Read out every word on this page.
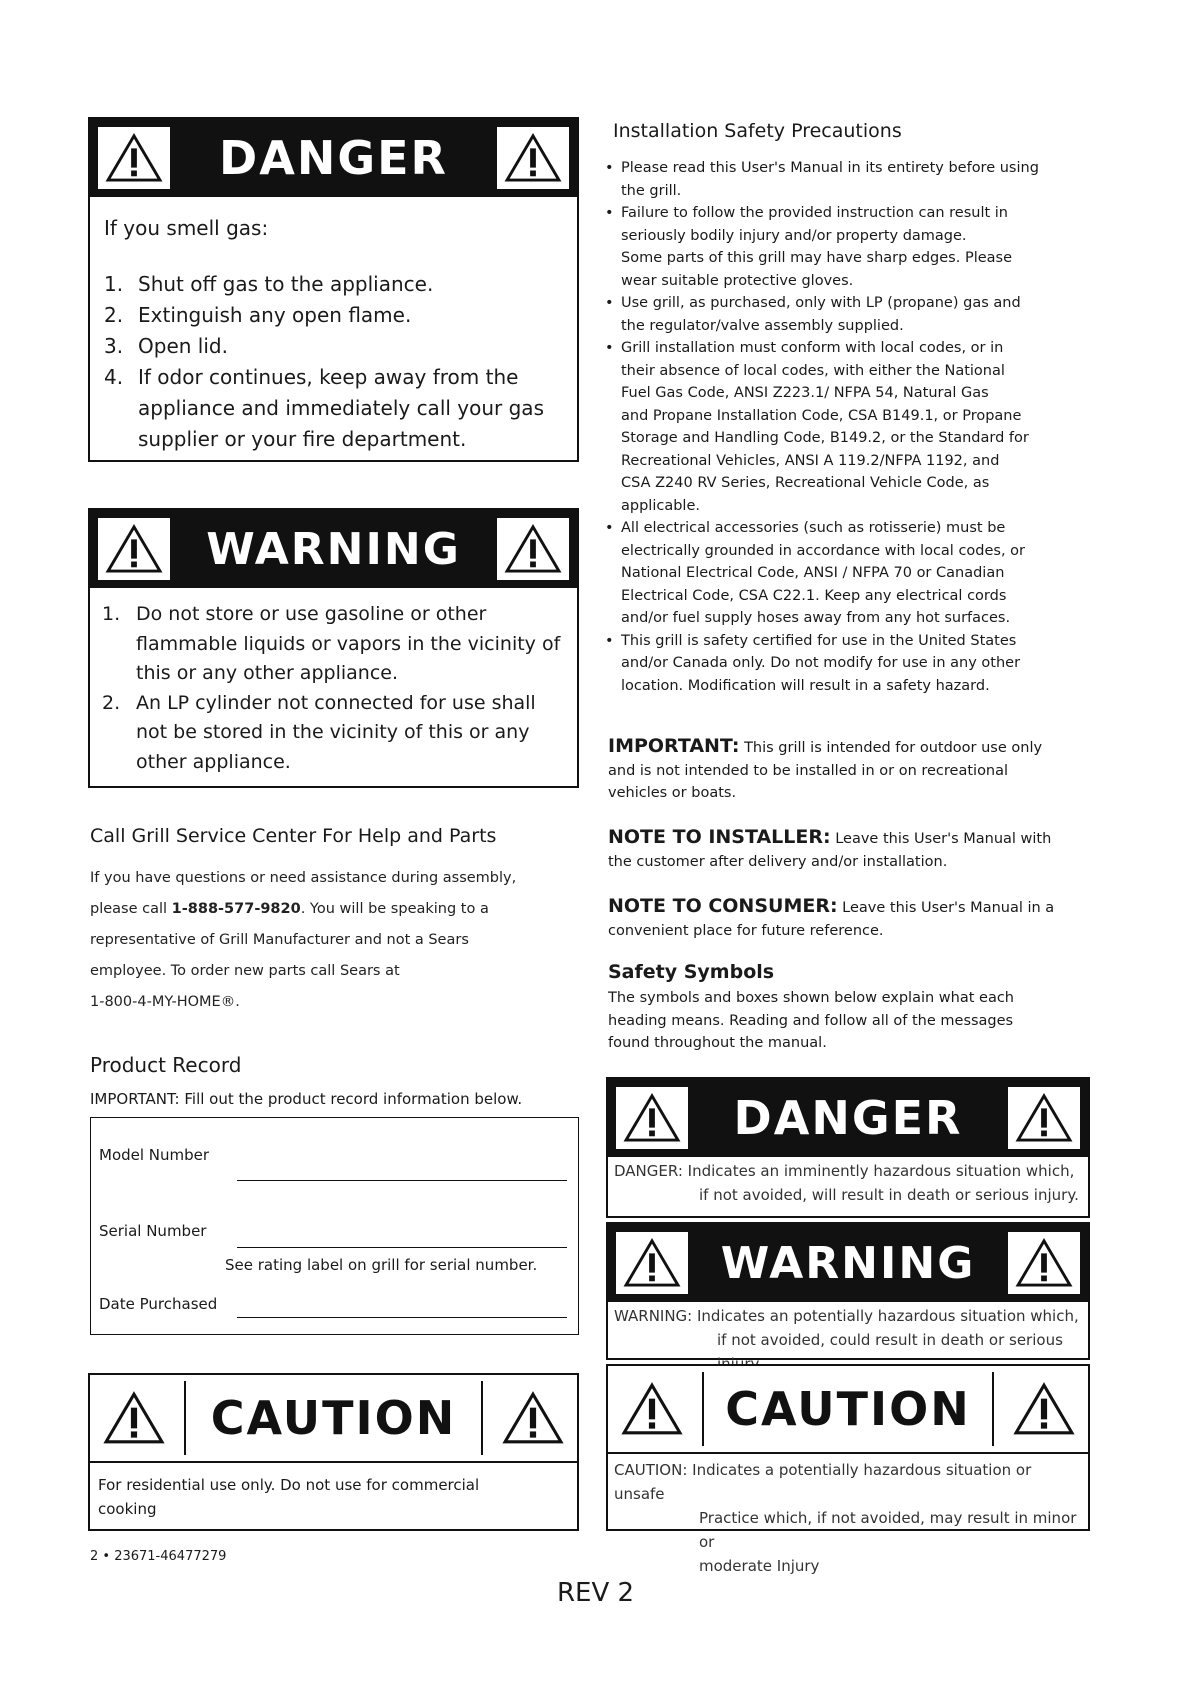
DANGER
If you smell gas:
1. Shut off gas to the appliance.
2. Extinguish any open flame.
3. Open lid.
4. If odor continues, keep away from the appliance and immediately call your gas supplier or your fire department.
WARNING
1. Do not store or use gasoline or other flammable liquids or vapors in the vicinity of this or any other appliance.
2. An LP cylinder not connected for use shall not be stored in the vicinity of this or any other appliance.
Call Grill Service Center For Help and Parts
If you have questions or need assistance during assembly,
please call 1-888-577-9820. You will be speaking to a
representative of Grill Manufacturer and not a Sears
employee. To order new parts call Sears at
1-800-4-MY-HOME®.
Product Record
IMPORTANT: Fill out the product record information below.
Model Number
Serial Number
See rating label on grill for serial number.
Date Purchased
CAUTION
For residential use only. Do not use for commercial
cooking
2 • 23671-46477279
REV 2
Installation Safety Precautions
• Please read this User's Manual in its entirety before using
the grill.
• Failure to follow the provided instruction can result in
seriously bodily injury and/or property damage.
Some parts of this grill may have sharp edges. Please
wear suitable protective gloves.
• Use grill, as purchased, only with LP (propane) gas and
the regulator/valve assembly supplied.
• Grill installation must conform with local codes, or in
their absence of local codes, with either the National
Fuel Gas Code, ANSI Z223.1/ NFPA 54, Natural Gas
and Propane Installation Code, CSA B149.1, or Propane
Storage and Handling Code, B149.2, or the Standard for
Recreational Vehicles, ANSI A 119.2/NFPA 1192, and
CSA Z240 RV Series, Recreational Vehicle Code, as
applicable.
• All electrical accessories (such as rotisserie) must be
electrically grounded in accordance with local codes, or
National Electrical Code, ANSI / NFPA 70 or Canadian
Electrical Code, CSA C22.1. Keep any electrical cords
and/or fuel supply hoses away from any hot surfaces.
• This grill is safety certified for use in the United States
and/or Canada only. Do not modify for use in any other
location. Modification will result in a safety hazard.
IMPORTANT: This grill is intended for outdoor use only
and is not intended to be installed in or on recreational
vehicles or boats.
NOTE TO INSTALLER: Leave this User's Manual with
the customer after delivery and/or installation.
NOTE TO CONSUMER: Leave this User's Manual in a
convenient place for future reference.
Safety Symbols
The symbols and boxes shown below explain what each
heading means. Reading and follow all of the messages
found throughout the manual.
DANGER
DANGER: Indicates an imminently hazardous situation which,
if not avoided, will result in death or serious injury.
WARNING
WARNING: Indicates an potentially hazardous situation which,
if not avoided, could result in death or serious
CAUTION
CAUTION: Indicates a potentially hazardous situation or unsafe
Practice which, if not avoided, may result in minor or
moderate Injury
